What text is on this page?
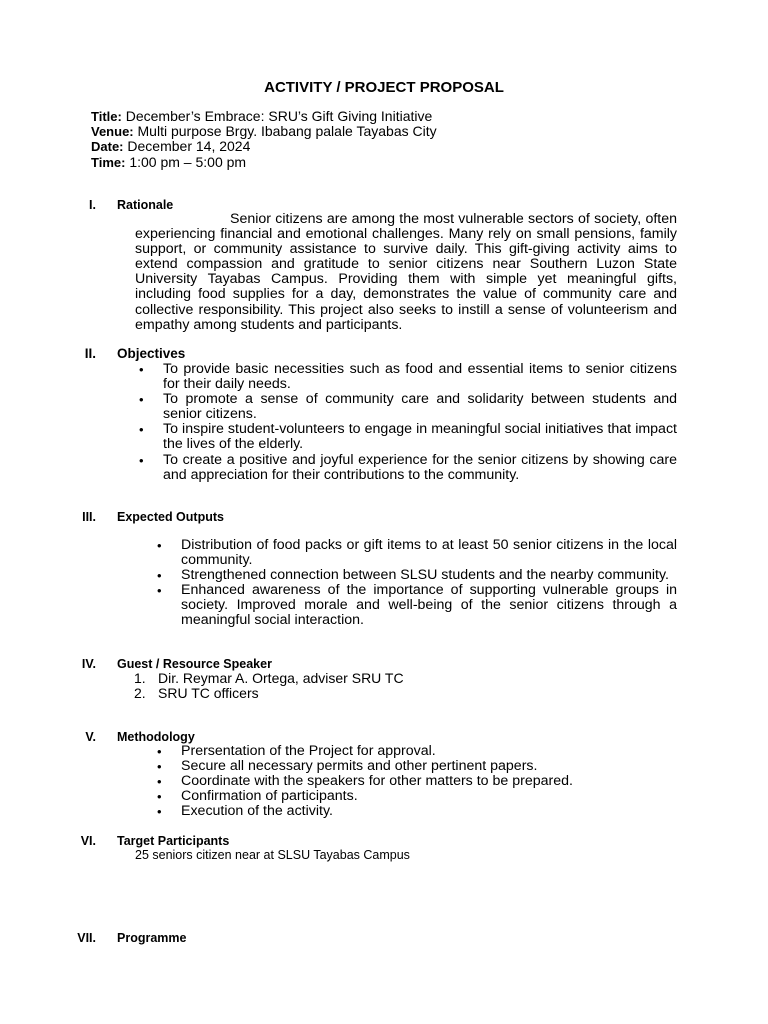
ACTIVITY / PROJECT PROPOSAL
Title: December’s Embrace: SRU’s Gift Giving Initiative
Venue: Multi purpose Brgy. Ibabang palale Tayabas City
Date: December 14, 2024
Time: 1:00 pm – 5:00 pm
I. Rationale
Senior citizens are among the most vulnerable sectors of society, often experiencing financial and emotional challenges. Many rely on small pensions, family support, or community assistance to survive daily. This gift-giving activity aims to extend compassion and gratitude to senior citizens near Southern Luzon State University Tayabas Campus. Providing them with simple yet meaningful gifts, including food supplies for a day, demonstrates the value of community care and collective responsibility. This project also seeks to instill a sense of volunteerism and empathy among students and participants.
II. Objectives
• To provide basic necessities such as food and essential items to senior citizens for their daily needs.
• To promote a sense of community care and solidarity between students and senior citizens.
• To inspire student-volunteers to engage in meaningful social initiatives that impact the lives of the elderly.
• To create a positive and joyful experience for the senior citizens by showing care and appreciation for their contributions to the community.
III. Expected Outputs
• Distribution of food packs or gift items to at least 50 senior citizens in the local community.
• Strengthened connection between SLSU students and the nearby community.
• Enhanced awareness of the importance of supporting vulnerable groups in society. Improved morale and well-being of the senior citizens through a meaningful social interaction.
IV. Guest / Resource Speaker
1. Dir. Reymar A. Ortega, adviser SRU TC
2. SRU TC officers
V. Methodology
• Prersentation of the Project for approval.
• Secure all necessary permits and other pertinent papers.
• Coordinate with the speakers for other matters to be prepared.
• Confirmation of participants.
• Execution of the activity.
VI. Target Participants
25 seniors citizen near at SLSU Tayabas Campus
VII. Programme
